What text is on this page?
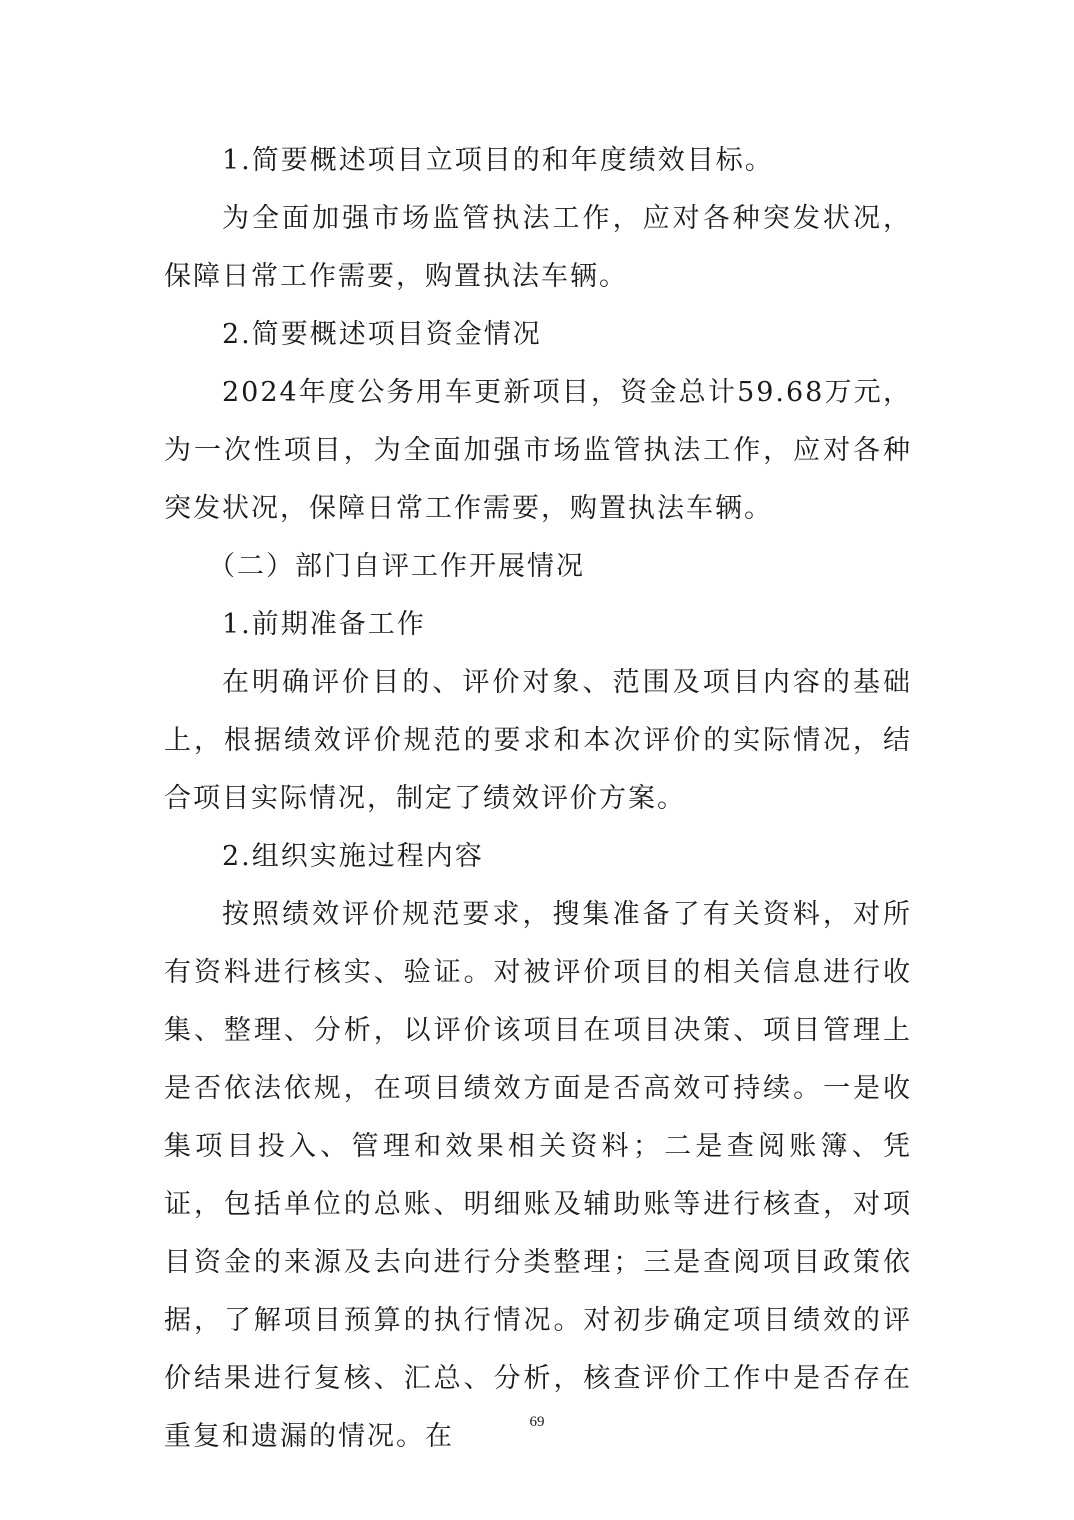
1.简要概述项目立项目的和年度绩效目标。

为全面加强市场监管执法工作，应对各种突发状况，保障日常工作需要，购置执法车辆。

2.简要概述项目资金情况

2024年度公务用车更新项目，资金总计59.68万元，为一次性项目，为全面加强市场监管执法工作，应对各种突发状况，保障日常工作需要，购置执法车辆。

（二）部门自评工作开展情况

1.前期准备工作

在明确评价目的、评价对象、范围及项目内容的基础上，根据绩效评价规范的要求和本次评价的实际情况，结合项目实际情况，制定了绩效评价方案。

2.组织实施过程内容

按照绩效评价规范要求，搜集准备了有关资料，对所有资料进行核实、验证。对被评价项目的相关信息进行收集、整理、分析，以评价该项目在项目决策、项目管理上是否依法依规，在项目绩效方面是否高效可持续。一是收集项目投入、管理和效果相关资料；二是查阅账簿、凭证，包括单位的总账、明细账及辅助账等进行核查，对项目资金的来源及去向进行分类整理；三是查阅项目政策依据，了解项目预算的执行情况。对初步确定项目绩效的评价结果进行复核、汇总、分析，核查评价工作中是否存在重复和遗漏的情况。在	69
